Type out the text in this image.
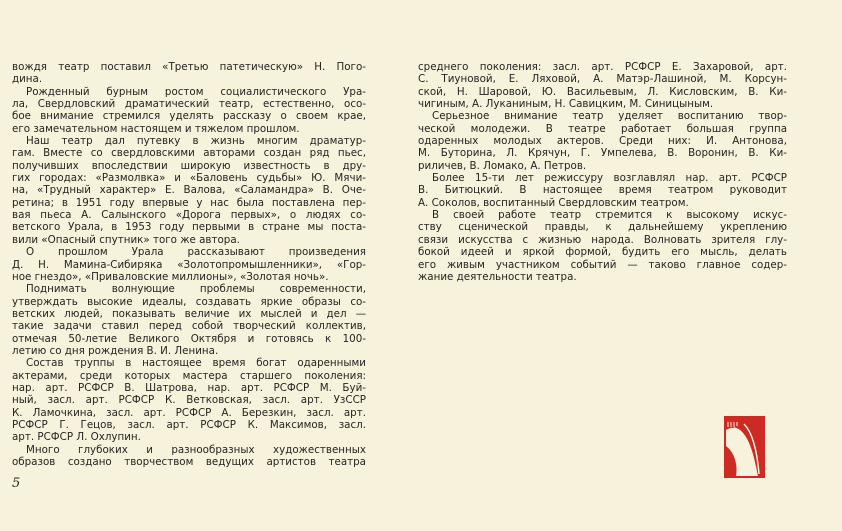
вождя театр поставил «Третью патетическую» Н. Пого-
дина.
Рожденный бурным ростом социалистического Ура-
ла, Свердловский драматический театр, естественно, осо-
бое внимание стремился уделять рассказу о своем крае,
его замечательном настоящем и тяжелом прошлом.
Наш театр дал путевку в жизнь многим драматур-
гам. Вместе со свердловскими авторами создан ряд пьес,
получивших впоследствии широкую известность в дру-
гих городах: «Размолвка» и «Баловень судьбы» Ю. Мячи-
на, «Трудный характер» Е. Валова, «Саламандра» В. Оче-
ретина; в 1951 году впервые у нас была поставлена пер-
вая пьеса А. Салынского «Дорога первых», о людях со-
ветского Урала, в 1953 году первыми в стране мы поста-
вили «Опасный спутник» того же автора.
О прошлом Урала рассказывают произведения
Д. Н. Мамина-Сибиряка «Золотопромышленники», «Гор-
ное гнездо», «Приваловские миллионы», «Золотая ночь».
Поднимать волнующие проблемы современности,
утверждать высокие идеалы, создавать яркие образы со-
ветских людей, показывать величие их мыслей и дел —
такие задачи ставил перед собой творческий коллектив,
отмечая 50-летие Великого Октября и готовясь к 100-
летию со дня рождения В. И. Ленина.
Состав труппы в настоящее время богат одаренными
актерами, среди которых мастера старшего поколения:
нар. арт. РСФСР В. Шатрова, нар. арт. РСФСР М. Буй-
ный, засл. арт. РСФСР К. Ветковская, засл. арт. УзССР
К. Ламочкина, засл. арт. РСФСР А. Березкин, засл. арт.
РСФСР Г. Гецов, засл. арт. РСФСР К. Максимов, засл.
арт. РСФСР Л. Охлупин.
Много глубоких и разнообразных художественных
образов создано творчеством ведущих артистов театра
среднего поколения: засл. арт. РСФСР Е. Захаровой, арт.
С. Тиуновой, Е. Ляховой, А. Матэр-Лашиной, М. Корсун-
ской, Н. Шаровой, Ю. Васильевым, Л. Кисловским, В. Ки-
чигиным, А. Луканиным, Н. Савицким, М. Синицыным.
Серьезное внимание театр уделяет воспитанию твор-
ческой молодежи. В театре работает большая группа
одаренных молодых актеров. Среди них: И. Антонова,
М. Буторина, Л. Крячун, Г. Умпелева, В. Воронин, В. Ки-
риличев, В. Ломако, А. Петров.
Более 15-ти лет режиссуру возглавлял нар. арт. РСФСР
В. Битюцкий. В настоящее время театром руководит
А. Соколов, воспитанный Свердловским театром.
В своей работе театр стремится к высокому искус-
ству сценической правды, к дальнейшему укреплению
связи искусства с жизнью народа. Волновать зрителя глу-
бокой идеей и яркой формой, будить его мысль, делать
его живым участником событий — таково главное содер-
жание деятельности театра.
5
